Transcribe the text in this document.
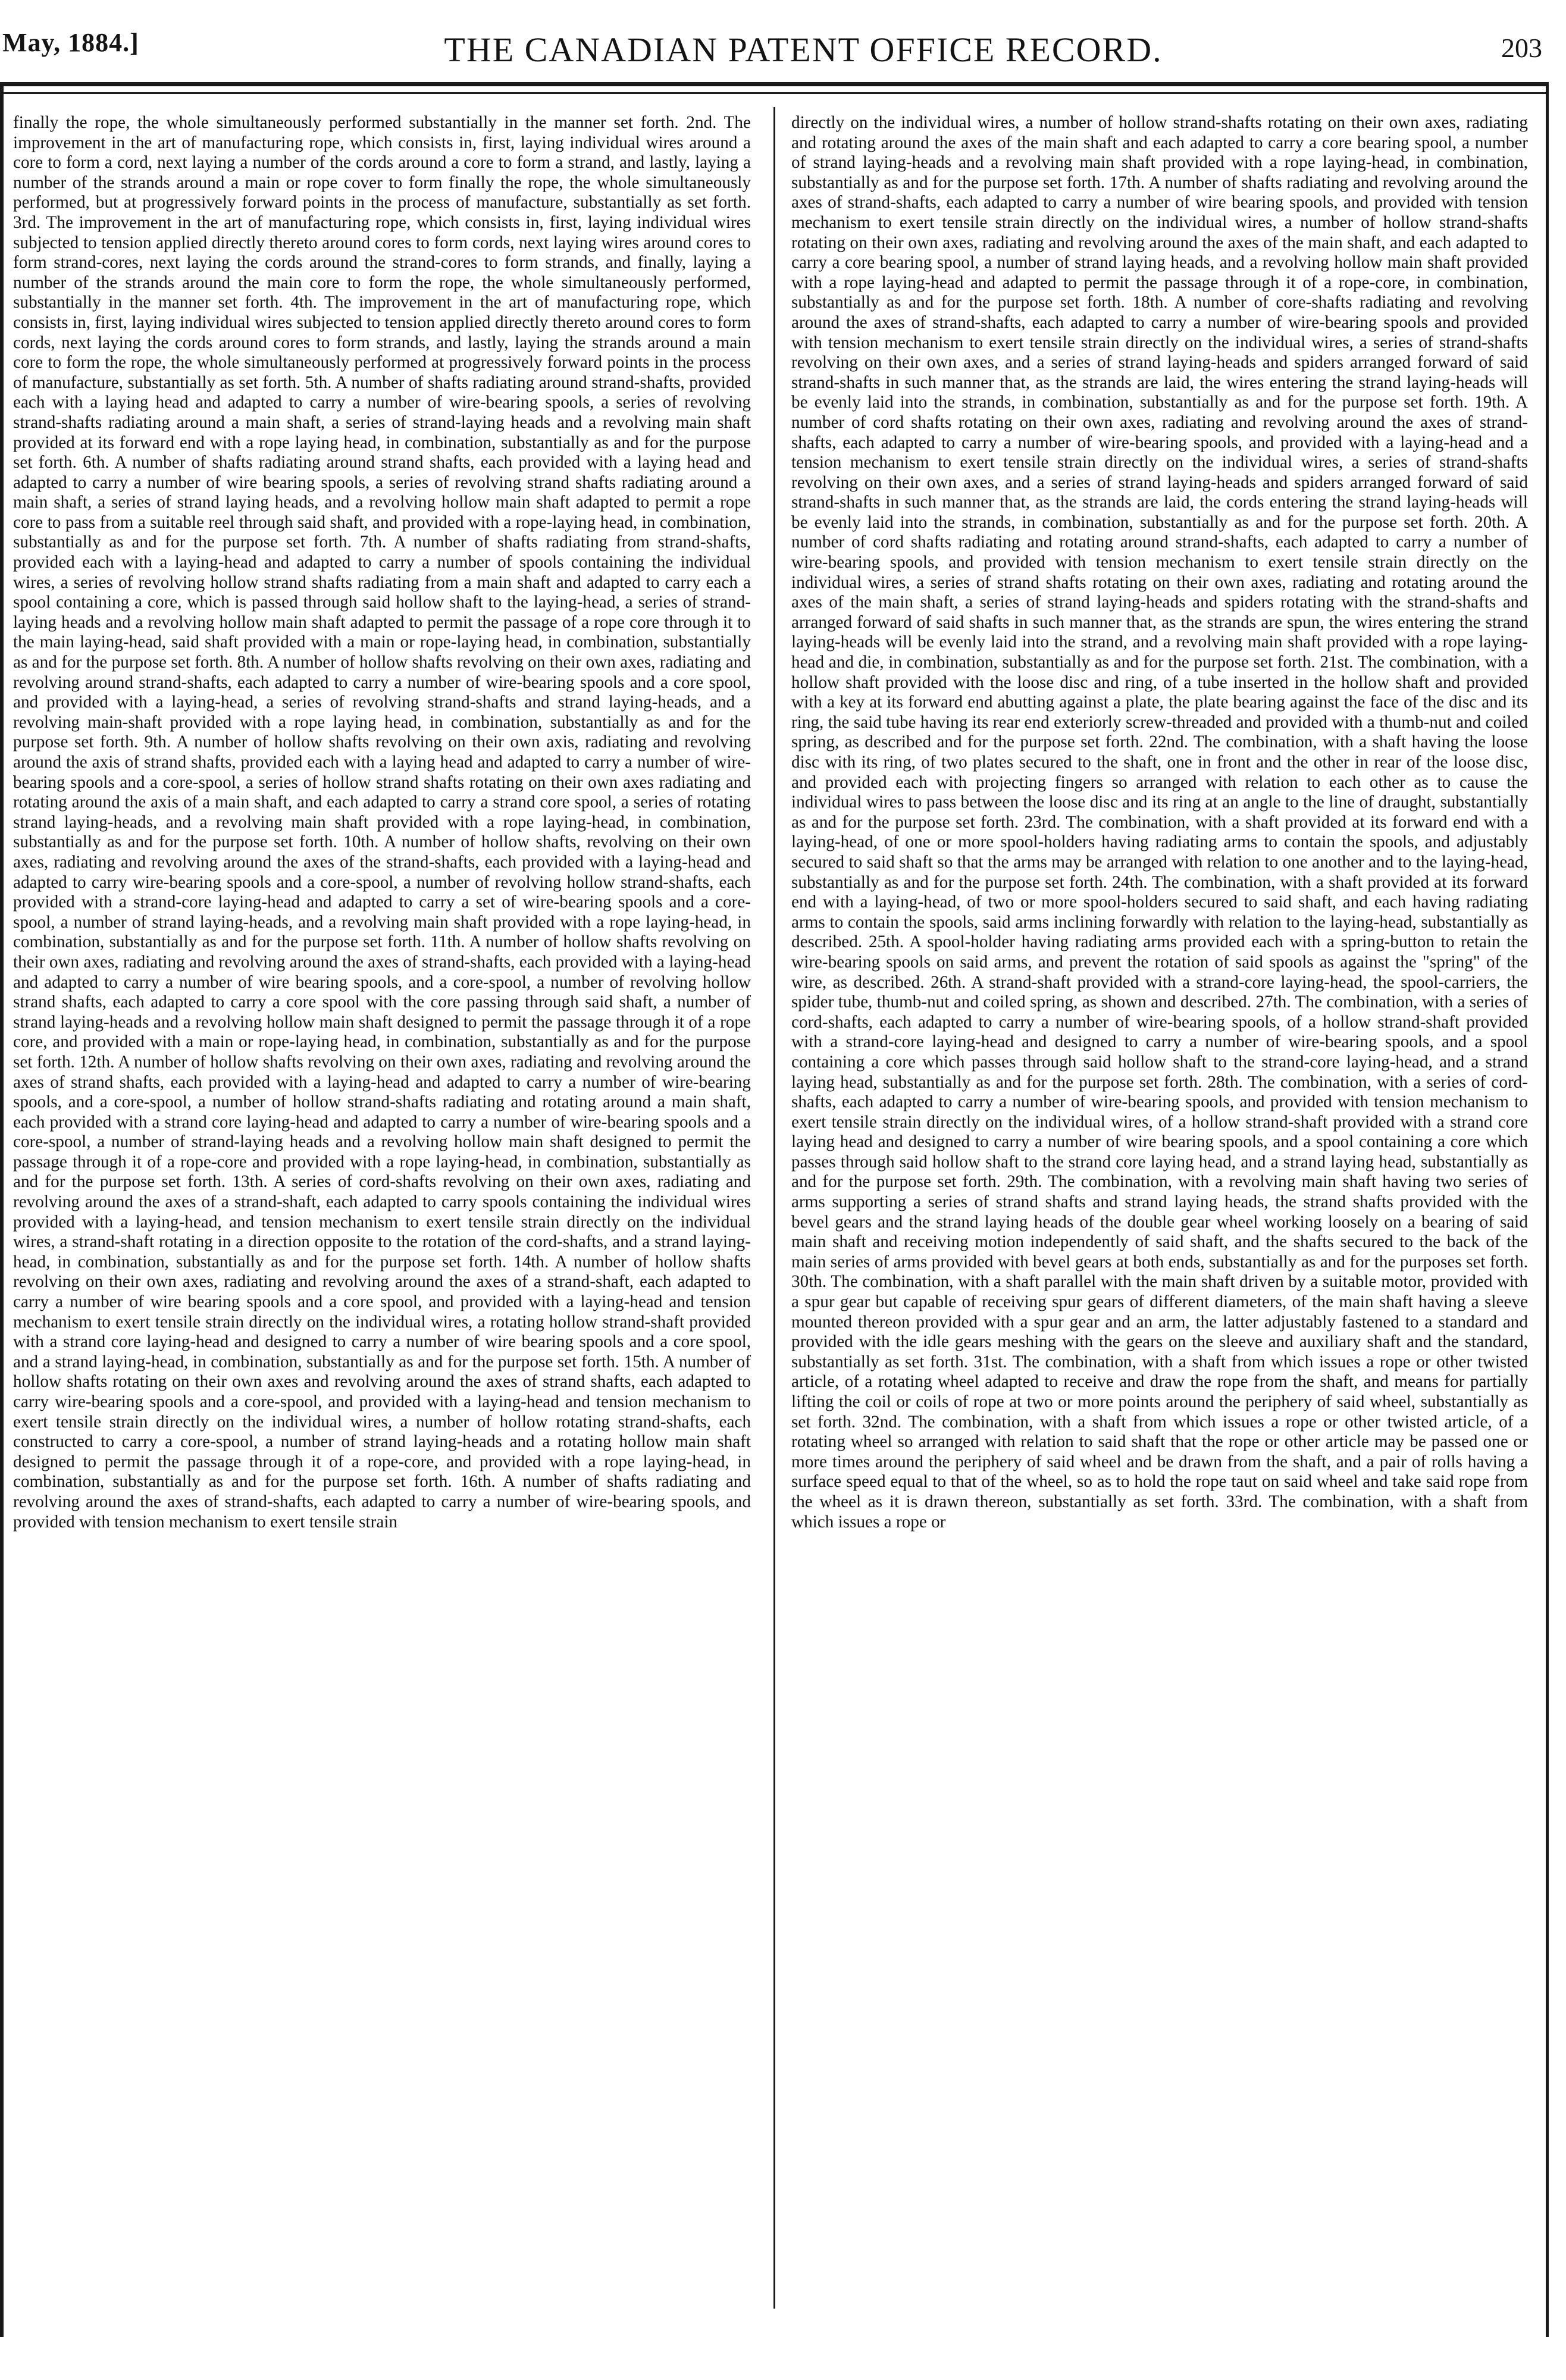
May, 1884.]	THE CANADIAN PATENT OFFICE RECORD.	203

finally the rope, the whole simultaneously performed substantially in the manner set forth. 2nd. The improvement in the art of manufacturing rope, which consists in, first, laying individual wires around a core to form a cord, next laying a number of the cords around a core to form a strand, and lastly, laying a number of the strands around a main or rope cover to form finally the rope, the whole simultaneously performed, but at progressively forward points in the process of manufacture, substantially as set forth. 3rd. The improvement in the art of manufacturing rope, which consists in, first, laying individual wires subjected to tension applied directly thereto around cores to form cords, next laying wires around cores to form strand-cores, next laying the cords around the strand-cores to form strands, and finally, laying a number of the strands around the main core to form the rope, the whole simultaneously performed, substantially in the manner set forth. 4th. The improvement in the art of manufacturing rope, which consists in, first, laying individual wires subjected to tension applied directly thereto around cores to form cords, next laying the cords around cores to form strands, and lastly, laying the strands around a main core to form the rope, the whole simultaneously performed at progressively forward points in the process of manufacture, substantially as set forth. 5th. A number of shafts radiating around strand-shafts, provided each with a laying head and adapted to carry a number of wire-bearing spools, a series of revolving strand-shafts radiating around a main shaft, a series of strand-laying heads and a revolving main shaft provided at its forward end with a rope laying head, in combination, substantially as and for the purpose set forth. 6th. A number of shafts radiating around strand shafts, each provided with a laying head and adapted to carry a number of wire bearing spools, a series of revolving strand shafts radiating around a main shaft, a series of strand laying heads, and a revolving hollow main shaft adapted to permit a rope core to pass from a suitable reel through said shaft, and provided with a rope-laying head, in combination, substantially as and for the purpose set forth. 7th. A number of shafts radiating from strand-shafts, provided each with a laying-head and adapted to carry a number of spools containing the individual wires, a series of revolving hollow strand shafts radiating from a main shaft and adapted to carry each a spool containing a core, which is passed through said hollow shaft to the laying-head, a series of strand-laying heads and a revolving hollow main shaft adapted to permit the passage of a rope core through it to the main laying-head, said shaft provided with a main or rope-laying head, in combination, substantially as and for the purpose set forth. 8th. A number of hollow shafts revolving on their own axes, radiating and revolving around strand-shafts, each adapted to carry a number of wire-bearing spools and a core spool, and provided with a laying-head, a series of revolving strand-shafts and strand laying-heads, and a revolving main-shaft provided with a rope laying head, in combination, substantially as and for the purpose set forth. 9th. A number of hollow shafts revolving on their own axis, radiating and revolving around the axis of strand shafts, provided each with a laying head and adapted to carry a number of wire-bearing spools and a core-spool, a series of hollow strand shafts rotating on their own axes radiating and rotating around the axis of a main shaft, and each adapted to carry a strand core spool, a series of rotating strand laying-heads, and a revolving main shaft provided with a rope laying-head, in combination, substantially as and for the purpose set forth. 10th. A number of hollow shafts, revolving on their own axes, radiating and revolving around the axes of the strand-shafts, each provided with a laying-head and adapted to carry wire-bearing spools and a core-spool, a number of revolving hollow strand-shafts, each provided with a strand-core laying-head and adapted to carry a set of wire-bearing spools and a core-spool, a number of strand laying-heads, and a revolving main shaft provided with a rope laying-head, in combination, substantially as and for the purpose set forth. 11th. A number of hollow shafts revolving on their own axes, radiating and revolving around the axes of strand-shafts, each provided with a laying-head and adapted to carry a number of wire bearing spools, and a core-spool, a number of revolving hollow strand shafts, each adapted to carry a core spool with the core passing through said shaft, a number of strand laying-heads and a revolving hollow main shaft designed to permit the passage through it of a rope core, and provided with a main or rope-laying head, in combination, substantially as and for the purpose set forth. 12th. A number of hollow shafts revolving on their own axes, radiating and revolving around the axes of strand shafts, each provided with a laying-head and adapted to carry a number of wire-bearing spools, and a core-spool, a number of hollow strand-shafts radiating and rotating around a main shaft, each provided with a strand core laying-head and adapted to carry a number of wire-bearing spools and a core-spool, a number of strand-laying heads and a revolving hollow main shaft designed to permit the passage through it of a rope-core and provided with a rope laying-head, in combination, substantially as and for the purpose set forth. 13th. A series of cord-shafts revolving on their own axes, radiating and revolving around the axes of a strand-shaft, each adapted to carry spools containing the individual wires provided with a laying-head, and tension mechanism to exert tensile strain directly on the individual wires, a strand-shaft rotating in a direction opposite to the rotation of the cord-shafts, and a strand laying-head, in combination, substantially as and for the purpose set forth. 14th. A number of hollow shafts revolving on their own axes, radiating and revolving around the axes of a strand-shaft, each adapted to carry a number of wire bearing spools and a core spool, and provided with a laying-head and tension mechanism to exert tensile strain directly on the individual wires, a rotating hollow strand-shaft provided with a strand core laying-head and designed to carry a number of wire bearing spools and a core spool, and a strand laying-head, in combination, substantially as and for the purpose set forth. 15th. A number of hollow shafts rotating on their own axes and revolving around the axes of strand shafts, each adapted to carry wire-bearing spools and a core-spool, and provided with a laying-head and tension mechanism to exert tensile strain directly on the individual wires, a number of hollow rotating strand-shafts, each constructed to carry a core-spool, a number of strand laying-heads and a rotating hollow main shaft designed to permit the passage through it of a rope-core, and provided with a rope laying-head, in combination, substantially as and for the purpose set forth. 16th. A number of shafts radiating and revolving around the axes of strand-shafts, each adapted to carry a number of wire-bearing spools, and provided with tension mechanism to exert tensile strain

directly on the individual wires, a number of hollow strand-shafts rotating on their own axes, radiating and rotating around the axes of the main shaft and each adapted to carry a core bearing spool, a number of strand laying-heads and a revolving main shaft provided with a rope laying-head, in combination, substantially as and for the purpose set forth. 17th. A number of shafts radiating and revolving around the axes of strand-shafts, each adapted to carry a number of wire bearing spools, and provided with tension mechanism to exert tensile strain directly on the individual wires, a number of hollow strand-shafts rotating on their own axes, radiating and revolving around the axes of the main shaft, and each adapted to carry a core bearing spool, a number of strand laying heads, and a revolving hollow main shaft provided with a rope laying-head and adapted to permit the passage through it of a rope-core, in combination, substantially as and for the purpose set forth. 18th. A number of core-shafts radiating and revolving around the axes of strand-shafts, each adapted to carry a number of wire-bearing spools and provided with tension mechanism to exert tensile strain directly on the individual wires, a series of strand-shafts revolving on their own axes, and a series of strand laying-heads and spiders arranged forward of said strand-shafts in such manner that, as the strands are laid, the wires entering the strand laying-heads will be evenly laid into the strands, in combination, substantially as and for the purpose set forth. 19th. A number of cord shafts rotating on their own axes, radiating and revolving around the axes of strand-shafts, each adapted to carry a number of wire-bearing spools, and provided with a laying-head and a tension mechanism to exert tensile strain directly on the individual wires, a series of strand-shafts revolving on their own axes, and a series of strand laying-heads and spiders arranged forward of said strand-shafts in such manner that, as the strands are laid, the cords entering the strand laying-heads will be evenly laid into the strands, in combination, substantially as and for the purpose set forth. 20th. A number of cord shafts radiating and rotating around strand-shafts, each adapted to carry a number of wire-bearing spools, and provided with tension mechanism to exert tensile strain directly on the individual wires, a series of strand shafts rotating on their own axes, radiating and rotating around the axes of the main shaft, a series of strand laying-heads and spiders rotating with the strand-shafts and arranged forward of said shafts in such manner that, as the strands are spun, the wires entering the strand laying-heads will be evenly laid into the strand, and a revolving main shaft provided with a rope laying-head and die, in combination, substantially as and for the purpose set forth. 21st. The combination, with a hollow shaft provided with the loose disc and ring, of a tube inserted in the hollow shaft and provided with a key at its forward end abutting against a plate, the plate bearing against the face of the disc and its ring, the said tube having its rear end exteriorly screw-threaded and provided with a thumb-nut and coiled spring, as described and for the purpose set forth. 22nd. The combination, with a shaft having the loose disc with its ring, of two plates secured to the shaft, one in front and the other in rear of the loose disc, and provided each with projecting fingers so arranged with relation to each other as to cause the individual wires to pass between the loose disc and its ring at an angle to the line of draught, substantially as and for the purpose set forth. 23rd. The combination, with a shaft provided at its forward end with a laying-head, of one or more spool-holders having radiating arms to contain the spools, and adjustably secured to said shaft so that the arms may be arranged with relation to one another and to the laying-head, substantially as and for the purpose set forth. 24th. The combination, with a shaft provided at its forward end with a laying-head, of two or more spool-holders secured to said shaft, and each having radiating arms to contain the spools, said arms inclining forwardly with relation to the laying-head, substantially as described. 25th. A spool-holder having radiating arms provided each with a spring-button to retain the wire-bearing spools on said arms, and prevent the rotation of said spools as against the "spring" of the wire, as described. 26th. A strand-shaft provided with a strand-core laying-head, the spool-carriers, the spider tube, thumb-nut and coiled spring, as shown and described. 27th. The combination, with a series of cord-shafts, each adapted to carry a number of wire-bearing spools, of a hollow strand-shaft provided with a strand-core laying-head and designed to carry a number of wire-bearing spools, and a spool containing a core which passes through said hollow shaft to the strand-core laying-head, and a strand laying head, substantially as and for the purpose set forth. 28th. The combination, with a series of cord-shafts, each adapted to carry a number of wire-bearing spools, and provided with tension mechanism to exert tensile strain directly on the individual wires, of a hollow strand-shaft provided with a strand core laying head and designed to carry a number of wire bearing spools, and a spool containing a core which passes through said hollow shaft to the strand core laying head, and a strand laying head, substantially as and for the purpose set forth. 29th. The combination, with a revolving main shaft having two series of arms supporting a series of strand shafts and strand laying heads, the strand shafts provided with the bevel gears and the strand laying heads of the double gear wheel working loosely on a bearing of said main shaft and receiving motion independently of said shaft, and the shafts secured to the back of the main series of arms provided with bevel gears at both ends, substantially as and for the purposes set forth. 30th. The combination, with a shaft parallel with the main shaft driven by a suitable motor, provided with a spur gear but capable of receiving spur gears of different diameters, of the main shaft having a sleeve mounted thereon provided with a spur gear and an arm, the latter adjustably fastened to a standard and provided with the idle gears meshing with the gears on the sleeve and auxiliary shaft and the standard, substantially as set forth. 31st. The combination, with a shaft from which issues a rope or other twisted article, of a rotating wheel adapted to receive and draw the rope from the shaft, and means for partially lifting the coil or coils of rope at two or more points around the periphery of said wheel, substantially as set forth. 32nd. The combination, with a shaft from which issues a rope or other twisted article, of a rotating wheel so arranged with relation to said shaft that the rope or other article may be passed one or more times around the periphery of said wheel and be drawn from the shaft, and a pair of rolls having a surface speed equal to that of the wheel, so as to hold the rope taut on said wheel and take said rope from the wheel as it is drawn thereon, substantially as set forth. 33rd. The combination, with a shaft from which issues a rope or
